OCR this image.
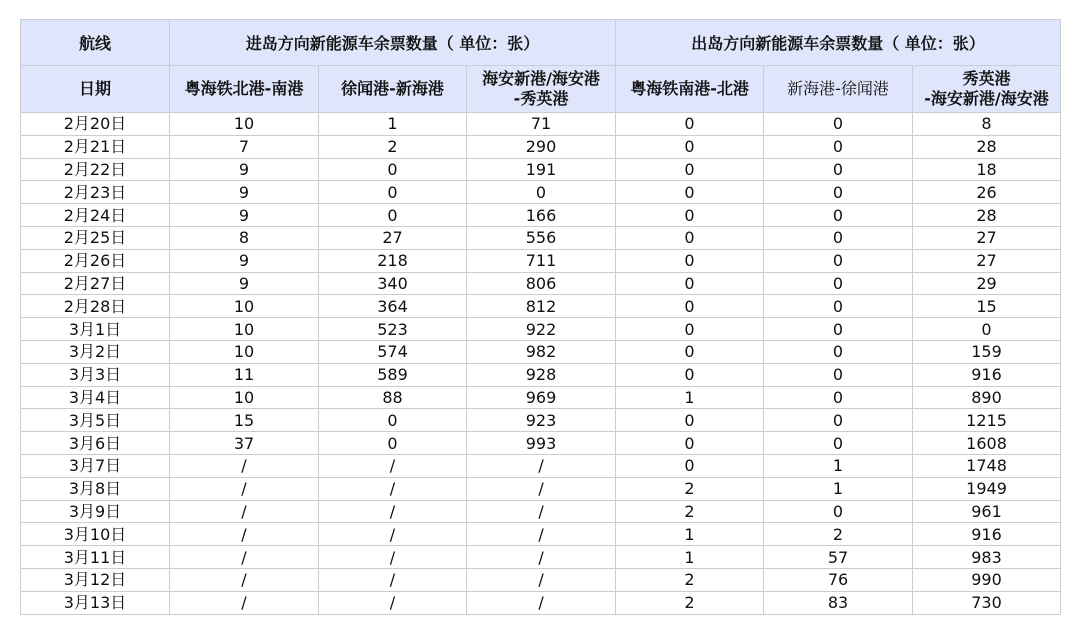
航线	进岛方向新能源车余票数量（ 单位：张）			出岛方向新能源车余票数量（ 单位：张）		
日期	粤海铁北港-南港	徐闻港-新海港	海安新港/海安港
-秀英港	粤海铁南港-北港	新海港-徐闻港	秀英港
-海安新港/海安港
2月20日	10	1	71	0	0	8
2月21日	7	2	290	0	0	28
2月22日	9	0	191	0	0	18
2月23日	9	0	0	0	0	26
2月24日	9	0	166	0	0	28
2月25日	8	27	556	0	0	27
2月26日	9	218	711	0	0	27
2月27日	9	340	806	0	0	29
2月28日	10	364	812	0	0	15
3月1日	10	523	922	0	0	0
3月2日	10	574	982	0	0	159
3月3日	11	589	928	0	0	916
3月4日	10	88	969	1	0	890
3月5日	15	0	923	0	0	1215
3月6日	37	0	993	0	0	1608
3月7日	/	/	/	0	1	1748
3月8日	/	/	/	2	1	1949
3月9日	/	/	/	2	0	961
3月10日	/	/	/	1	2	916
3月11日	/	/	/	1	57	983
3月12日	/	/	/	2	76	990
3月13日	/	/	/	2	83	730
